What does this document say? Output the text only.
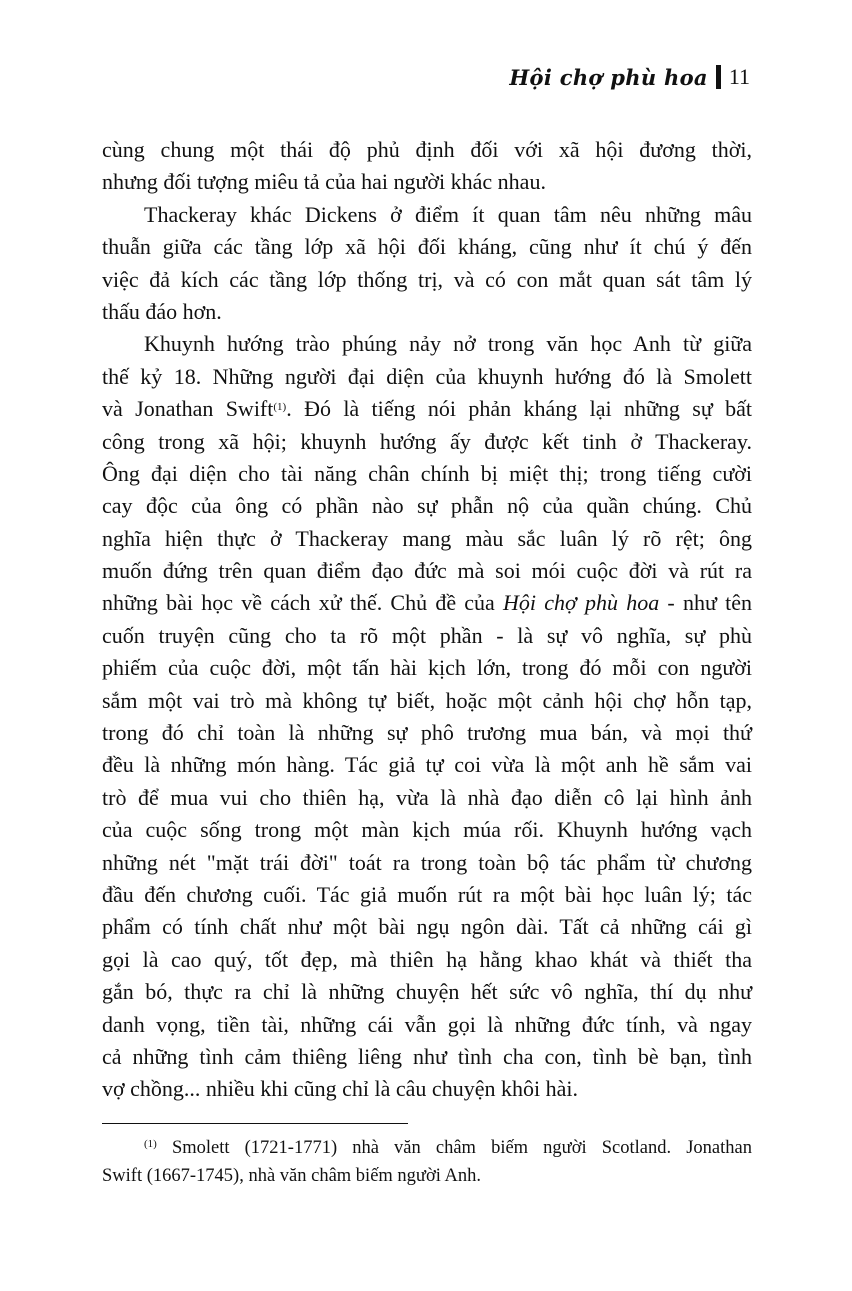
Hội chợ phù hoa 11
cùng chung một thái độ phủ định đối với xã hội đương thời,
nhưng đối tượng miêu tả của hai người khác nhau.
Thackeray khác Dickens ở điểm ít quan tâm nêu những mâu
thuẫn giữa các tầng lớp xã hội đối kháng, cũng như ít chú ý đến
việc đả kích các tầng lớp thống trị, và có con mắt quan sát tâm lý
thấu đáo hơn.
Khuynh hướng trào phúng nảy nở trong văn học Anh từ giữa
thế kỷ 18. Những người đại diện của khuynh hướng đó là Smolett
và Jonathan Swift$^{(1)}$. Đó là tiếng nói phản kháng lại những sự bất
công trong xã hội; khuynh hướng ấy được kết tinh ở Thackeray.
Ông đại diện cho tài năng chân chính bị miệt thị; trong tiếng cười
cay độc của ông có phần nào sự phẫn nộ của quần chúng. Chủ
nghĩa hiện thực ở Thackeray mang màu sắc luân lý rõ rệt; ông
muốn đứng trên quan điểm đạo đức mà soi mói cuộc đời và rút ra
những bài học về cách xử thế. Chủ đề của Hội chợ phù hoa - như tên
cuốn truyện cũng cho ta rõ một phần - là sự vô nghĩa, sự phù
phiếm của cuộc đời, một tấn hài kịch lớn, trong đó mỗi con người
sắm một vai trò mà không tự biết, hoặc một cảnh hội chợ hỗn tạp,
trong đó chỉ toàn là những sự phô trương mua bán, và mọi thứ
đều là những món hàng. Tác giả tự coi vừa là một anh hề sắm vai
trò để mua vui cho thiên hạ, vừa là nhà đạo diễn cô lại hình ảnh
của cuộc sống trong một màn kịch múa rối. Khuynh hướng vạch
những nét "mặt trái đời" toát ra trong toàn bộ tác phẩm từ chương
đầu đến chương cuối. Tác giả muốn rút ra một bài học luân lý; tác
phẩm có tính chất như một bài ngụ ngôn dài. Tất cả những cái gì
gọi là cao quý, tốt đẹp, mà thiên hạ hằng khao khát và thiết tha
gắn bó, thực ra chỉ là những chuyện hết sức vô nghĩa, thí dụ như
danh vọng, tiền tài, những cái vẫn gọi là những đức tính, và ngay
cả những tình cảm thiêng liêng như tình cha con, tình bè bạn, tình
vợ chồng... nhiều khi cũng chỉ là câu chuyện khôi hài.
$^{(1)}$ Smolett (1721-1771) nhà văn châm biếm người Scotland. Jonathan
Swift (1667-1745), nhà văn châm biếm người Anh.
